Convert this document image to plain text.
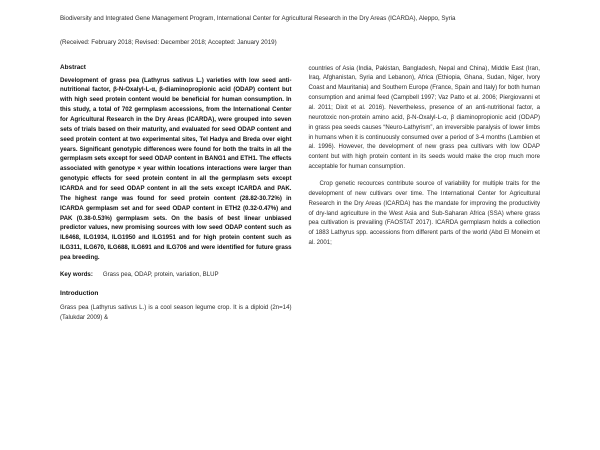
Biodiversity and Integrated Gene Management Program, International Center for Agricultural Research in the Dry Areas (ICARDA), Aleppo, Syria

(Received: February 2018; Revised: December 2018; Accepted: January 2019)

Abstract

Development of grass pea (Lathyrus sativus L.) varieties with low seed anti-nutritional factor, β-N-Oxalyl-L-α, β-diaminopropionic acid (ODAP) content but with high seed protein content would be beneficial for human consumption. In this study, a total of 702 germplasm accessions, from the International Center for Agricultural Research in the Dry Areas (ICARDA), were grouped into seven sets of trials based on their maturity, and evaluated for seed ODAP content and seed protein content at two experimental sites, Tel Hadya and Breda over eight years. Significant genotypic differences were found for both the traits in all the germplasm sets except for seed ODAP content in BANG1 and ETH1. The effects associated with genotype × year within locations interactions were larger than genotypic effects for seed protein content in all the germplasm sets except ICARDA and for seed ODAP content in all the sets except ICARDA and PAK. The highest range was found for seed protein content (28.82-30.72%) in ICARDA germplasm set and for seed ODAP content in ETH2 (0.32-0.47%) and PAK (0.38-0.53%) germplasm sets. On the basis of best linear unbiased predictor values, new promising sources with low seed ODAP content such as IL6468, ILG1934, ILG1950 and ILG1951 and for high protein content such as ILG311, ILG670, ILG688, ILG691 and ILG706 and were identified for future grass pea breeding.

Key words: Grass pea, ODAP, protein, variation, BLUP
Introduction

Grass pea (Lathyrus sativus L.) is a cool season legume crop. It is a diploid (2n=14) (Talukdar 2009) &

countries of Asia (India, Pakistan, Bangladesh, Nepal and China), Middle East (Iran, Iraq, Afghanistan, Syria and Lebanon), Africa (Ethiopia, Ghana, Sudan, Niger, Ivory Coast and Mauritania) and Southern Europe (France, Spain and Italy) for both human consumption and animal feed (Campbell 1997; Vaz Patto et al. 2006; Piergiovanni et al. 2011; Dixit et al. 2016). Nevertheless, presence of an anti-nutritional factor, a neurotoxic non-protein amino acid, β-N-Oxalyl-L-α, β diaminopropionic acid (ODAP) in grass pea seeds causes “Neuro-Lathyrism”, an irreversible paralysis of lower limbs in humans when it is continuously consumed over a period of 3-4 months (Lambien et al. 1996). However, the development of new grass pea cultivars with low ODAP content but with high protein content in its seeds would make the crop much more acceptable for human consumption.

Crop genetic recources contribute source of variability for multiple traits for the development of new cultivars over time. The International Center for Agricultural Research in the Dry Areas (ICARDA) has the mandate for improving the productivity of dry-land agriculture in the West Asia and Sub-Saharan Africa (SSA) where grass pea cultivation is prevailing (FAOSTAT 2017). ICARDA germplasm holds a collection of 1883 Lathyrus spp. accessions from different parts of the world (Abd El Moneim et al. 2001;
